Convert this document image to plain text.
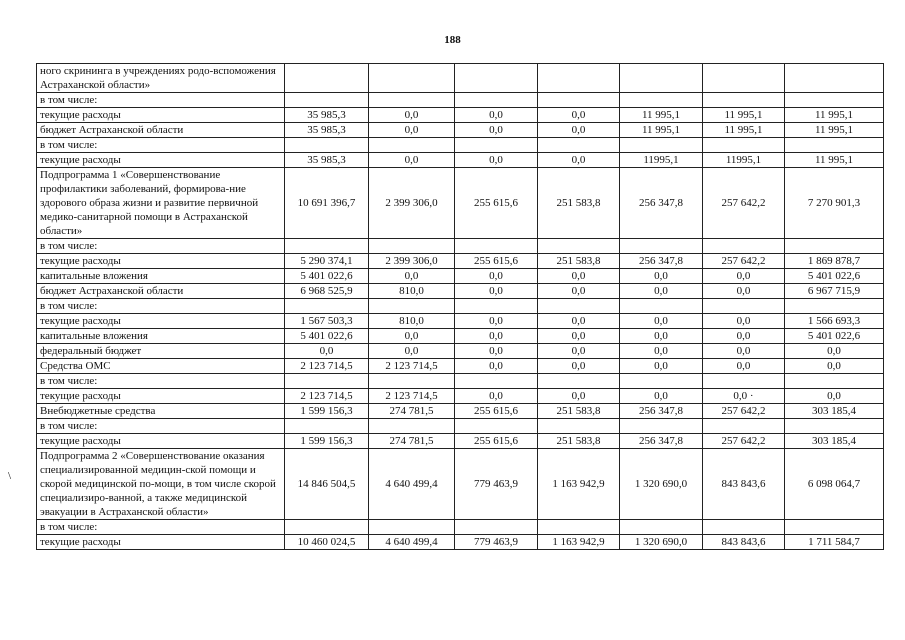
188
\
ного скрининга в учреждениях родо-вспоможения Астраханской области»							
в том числе:							
текущие расходы	35 985,3	0,0	0,0	0,0	11 995,1	11 995,1	11 995,1
бюджет Астраханской области	35 985,3	0,0	0,0	0,0	11 995,1	11 995,1	11 995,1
в том числе:							
текущие расходы	35 985,3	0,0	0,0	0,0	11995,1	11995,1	11 995,1
Подпрограмма 1 «Совершенствование профилактики заболеваний, формирова-ние здорового образа жизни и развитие первичной медико-санитарной помощи в Астраханской области»	10 691 396,7	2 399 306,0	255 615,6	251 583,8	256 347,8	257 642,2	7 270 901,3
в том числе:							
текущие расходы	5 290 374,1	2 399 306,0	255 615,6	251 583,8	256 347,8	257 642,2	1 869 878,7
капитальные вложения	5 401 022,6	0,0	0,0	0,0	0,0	0,0	5 401 022,6
бюджет Астраханской области	6 968 525,9	810,0	0,0	0,0	0,0	0,0	6 967 715,9
в том числе:							
текущие расходы	1 567 503,3	810,0	0,0	0,0	0,0	0,0	1 566 693,3
капитальные вложения	5 401 022,6	0,0	0,0	0,0	0,0	0,0	5 401 022,6
федеральный бюджет	0,0	0,0	0,0	0,0	0,0	0,0	0,0
Средства ОМС	2 123 714,5	2 123 714,5	0,0	0,0	0,0	0,0	0,0
в том числе:							
текущие расходы	2 123 714,5	2 123 714,5	0,0	0,0	0,0	0,0 ·	0,0
Внебюджетные средства	1 599 156,3	274 781,5	255 615,6	251 583,8	256 347,8	257 642,2	303 185,4
в том числе:							
текущие расходы	1 599 156,3	274 781,5	255 615,6	251 583,8	256 347,8	257 642,2	303 185,4
Подпрограмма 2 «Совершенствование оказания специализированной медицин-ской помощи и скорой медицинской по-мощи, в том числе скорой специализиро-ванной, а также медицинской эвакуации в Астраханской области»	14 846 504,5	4 640 499,4	779 463,9	1 163 942,9	1 320 690,0	843 843,6	6 098 064,7
в том числе:							
текущие расходы	10 460 024,5	4 640 499,4	779 463,9	1 163 942,9	1 320 690,0	843 843,6	1 711 584,7
